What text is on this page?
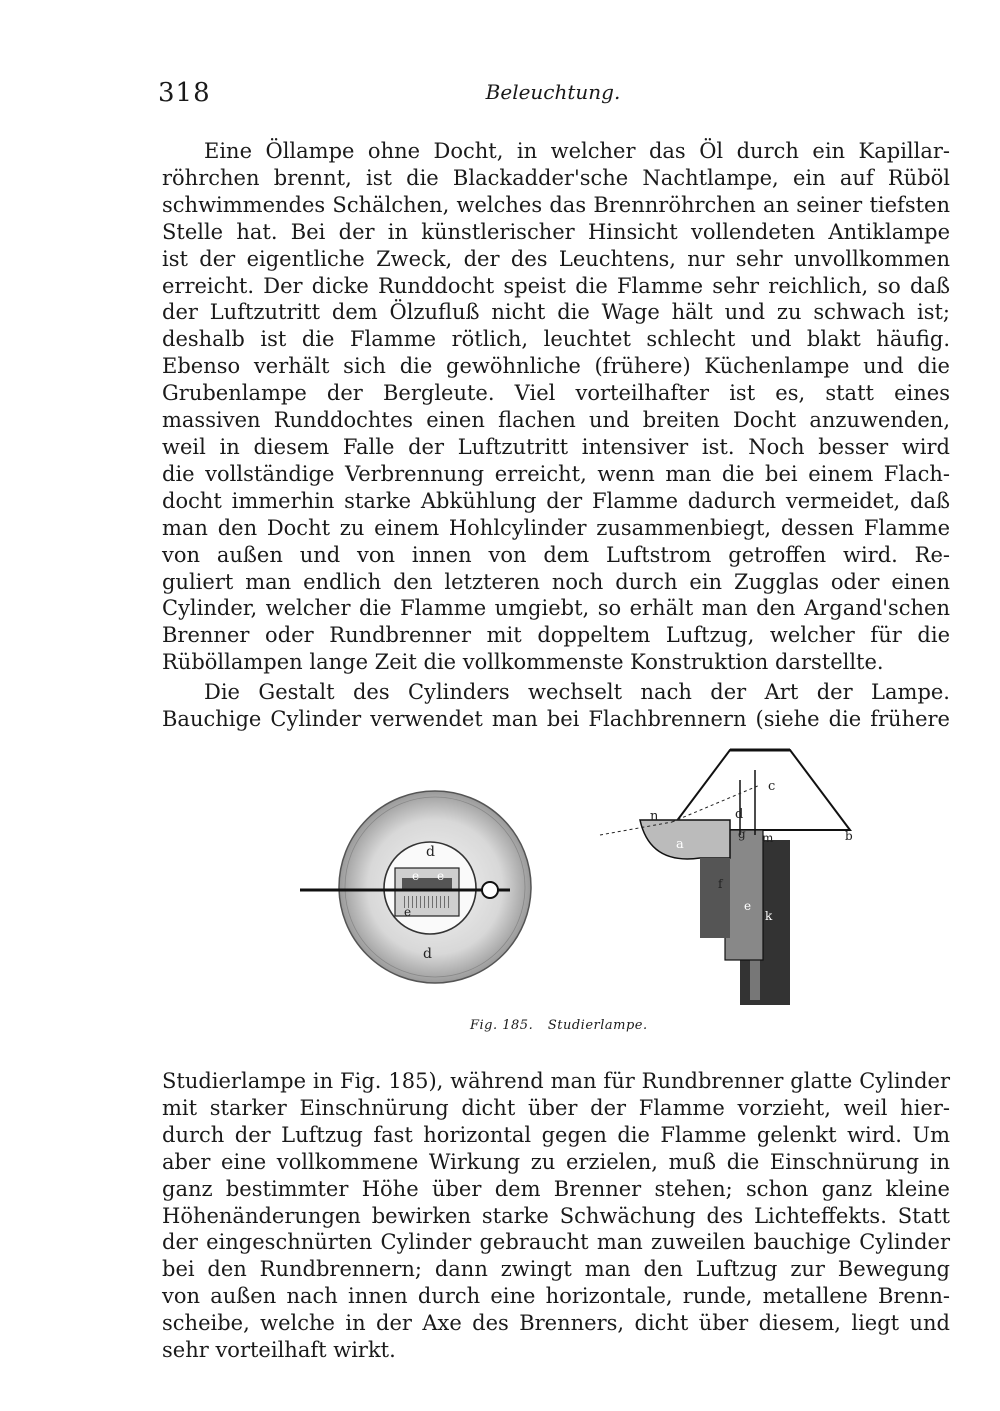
318	Beleuchtung.
Eine Öllampe ohne Docht, in welcher das Öl durch ein Kapillar-
röhrchen brennt, ist die Blackadder'sche Nachtlampe, ein auf Rüböl
schwimmendes Schälchen, welches das Brennröhrchen an seiner tiefsten
Stelle hat. Bei der in künstlerischer Hinsicht vollendeten Antiklampe
ist der eigentliche Zweck, der des Leuchtens, nur sehr unvollkommen
erreicht. Der dicke Runddocht speist die Flamme sehr reichlich, so daß
der Luftzutritt dem Ölzufluß nicht die Wage hält und zu schwach ist;
deshalb ist die Flamme rötlich, leuchtet schlecht und blakt häufig.
Ebenso verhält sich die gewöhnliche (frühere) Küchenlampe und die
Grubenlampe der Bergleute. Viel vorteilhafter ist es, statt eines
massiven Runddochtes einen flachen und breiten Docht anzuwenden,
weil in diesem Falle der Luftzutritt intensiver ist. Noch besser wird
die vollständige Verbrennung erreicht, wenn man die bei einem Flach-
docht immerhin starke Abkühlung der Flamme dadurch vermeidet, daß
man den Docht zu einem Hohlcylinder zusammenbiegt, dessen Flamme
von außen und von innen von dem Luftstrom getroffen wird. Re-
guliert man endlich den letzteren noch durch ein Zugglas oder einen
Cylinder, welcher die Flamme umgiebt, so erhält man den Argand'schen
Brenner oder Rundbrenner mit doppeltem Luftzug, welcher für die
Rüböllampen lange Zeit die vollkommenste Konstruktion darstellte.
Die Gestalt des Cylinders wechselt nach der Art der Lampe.
Bauchige Cylinder verwendet man bei Flachbrennern (siehe die frühere
d
d
e e
e
n
a
d
g m
c
b
f
e
k
Fig. 185. Studierlampe.
Studierlampe in Fig. 185), während man für Rundbrenner glatte Cylinder
mit starker Einschnürung dicht über der Flamme vorzieht, weil hier-
durch der Luftzug fast horizontal gegen die Flamme gelenkt wird. Um
aber eine vollkommene Wirkung zu erzielen, muß die Einschnürung in
ganz bestimmter Höhe über dem Brenner stehen; schon ganz kleine
Höhenänderungen bewirken starke Schwächung des Lichteffekts. Statt
der eingeschnürten Cylinder gebraucht man zuweilen bauchige Cylinder
bei den Rundbrennern; dann zwingt man den Luftzug zur Bewegung
von außen nach innen durch eine horizontale, runde, metallene Brenn-
scheibe, welche in der Axe des Brenners, dicht über diesem, liegt und
sehr vorteilhaft wirkt.
